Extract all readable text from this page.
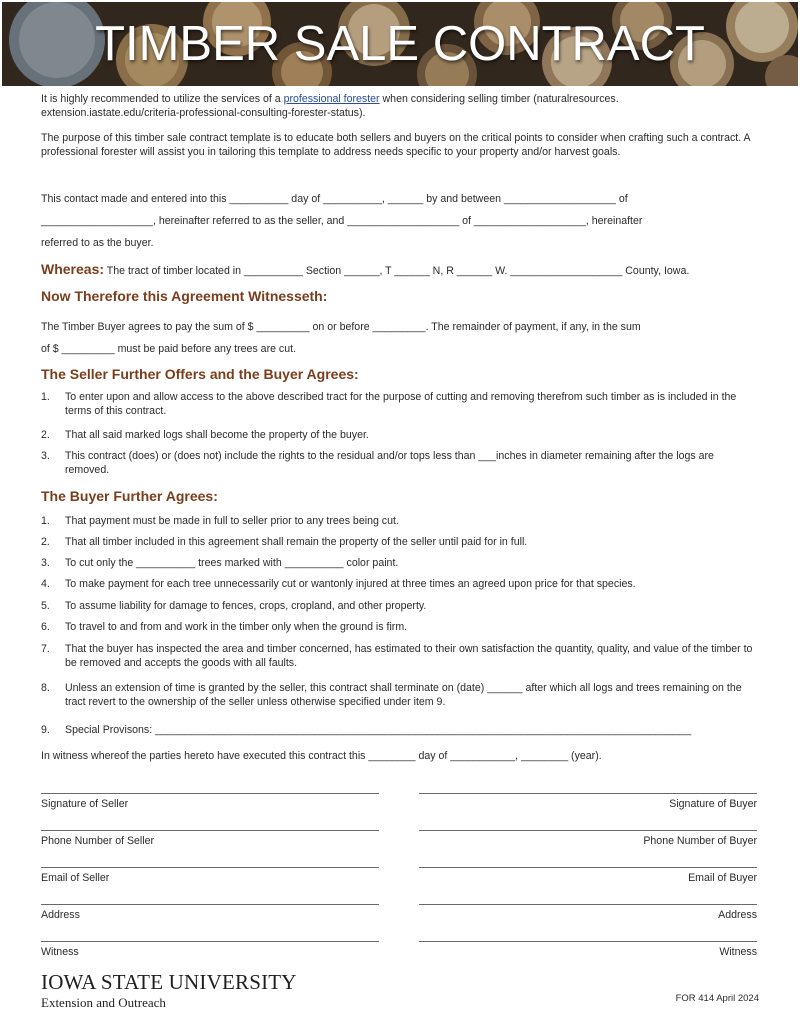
TIMBER SALE CONTRACT

It is highly recommended to utilize the services of a professional forester when considering selling timber (naturalresources. extension.iastate.edu/criteria-professional-consulting-forester-status).

The purpose of this timber sale contract template is to educate both sellers and buyers on the critical points to consider when crafting such a contract. A professional forester will assist you in tailoring this template to address needs specific to your property and/or harvest goals.

This contact made and entered into this __________ day of __________, ______ by and between ___________________ of
___________________, hereinafter referred to as the seller, and ___________________ of ___________________, hereinafter
referred to as the buyer.
Whereas: The tract of timber located in __________ Section ______, T ______ N, R ______ W. ___________________ County, Iowa.
Now Therefore this Agreement Witnesseth:
The Timber Buyer agrees to pay the sum of $ _________ on or before _________. The remainder of payment, if any, in the sum
of $ _________ must be paid before any trees are cut.
The Seller Further Offers and the Buyer Agrees:
1. To enter upon and allow access to the above described tract for the purpose of cutting and removing therefrom such timber as is included in the terms of this contract.
2. That all said marked logs shall become the property of the buyer.
3. This contract (does) or (does not) include the rights to the residual and/or tops less than ___inches in diameter remaining after the logs are removed.
The Buyer Further Agrees:
1. That payment must be made in full to seller prior to any trees being cut.
2. That all timber included in this agreement shall remain the property of the seller until paid for in full.
3. To cut only the __________ trees marked with __________ color paint.
4. To make payment for each tree unnecessarily cut or wantonly injured at three times an agreed upon price for that species.
5. To assume liability for damage to fences, crops, cropland, and other property.
6. To travel to and from and work in the timber only when the ground is firm.
7. That the buyer has inspected the area and timber concerned, has estimated to their own satisfaction the quantity, quality, and value of the timber to be removed and accepts the goods with all faults.
8. Unless an extension of time is granted by the seller, this contract shall terminate on (date) ______ after which all logs and trees remaining on the tract revert to the ownership of the seller unless otherwise specified under item 9.
9. Special Provisons: ___________________________________________________________________________________________
In witness whereof the parties hereto have executed this contract this ________ day of ___________, ________ (year).
Signature of Seller	Signature of Buyer
Phone Number of Seller	Phone Number of Buyer
Email of Seller	Email of Buyer
Address	Address
Witness	Witness
IOWA STATE UNIVERSITY
Extension and Outreach	FOR 414 April 2024
